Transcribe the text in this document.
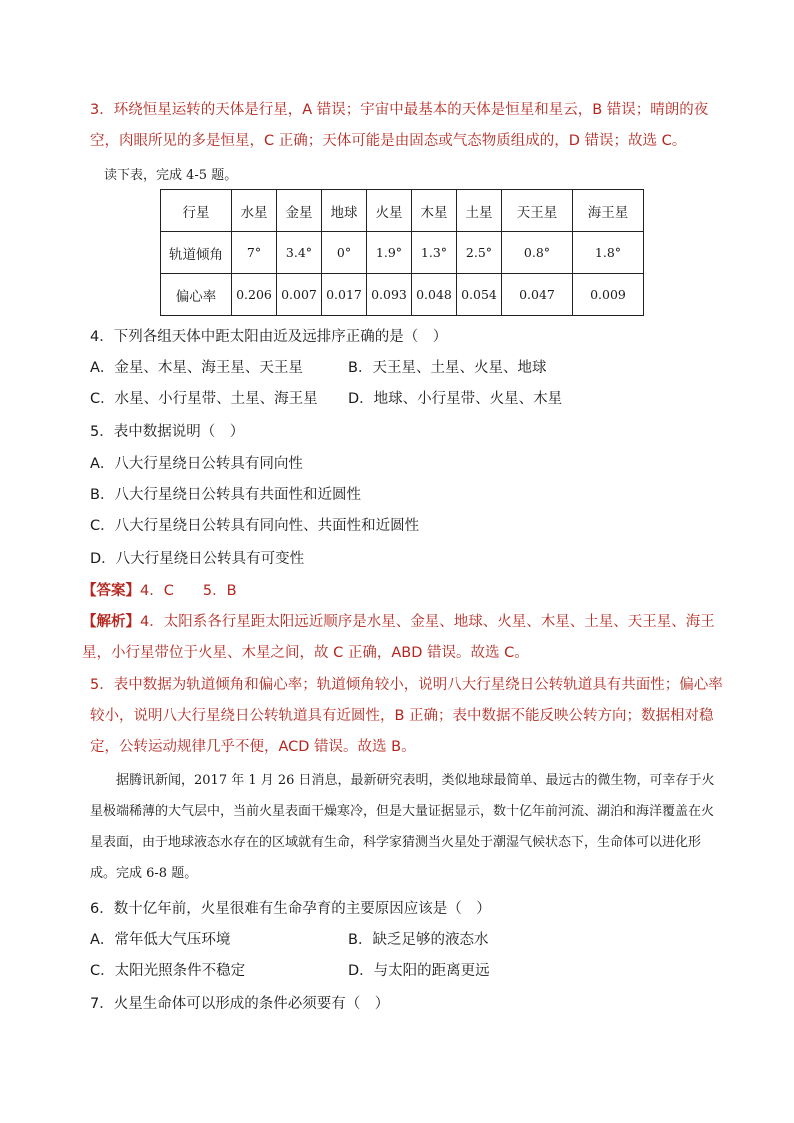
3．环绕恒星运转的天体是行星，A 错误；宇宙中最基本的天体是恒星和星云，B 错误；晴朗的夜空，肉眼所见的多是恒星，C 正确；天体可能是由固态或气态物质组成的，D 错误；故选 C。
读下表，完成 4-5 题。
行星	水星	金星	地球	火星	木星	土星	天王星	海王星
轨道倾角	7°	3.4°	0°	1.9°	1.3°	2.5°	0.8°	1.8°
偏心率	0.206	0.007	0.017	0.093	0.048	0.054	0.047	0.009
4．下列各组天体中距太阳由近及远排序正确的是（　）
A．金星、木星、海王星、天王星	B．天王星、土星、火星、地球
C．水星、小行星带、土星、海王星 D．地球、小行星带、火星、木星
5．表中数据说明（　）
A．八大行星绕日公转具有同向性
B．八大行星绕日公转具有共面性和近圆性
C．八大行星绕日公转具有同向性、共面性和近圆性
D．八大行星绕日公转具有可变性
【答案】4．C　　5．B
【解析】4．太阳系各行星距太阳远近顺序是水星、金星、地球、火星、木星、土星、天王星、海王星，小行星带位于火星、木星之间，故 C 正确，ABD 错误。故选 C。
5．表中数据为轨道倾角和偏心率；轨道倾角较小，说明八大行星绕日公转轨道具有共面性；偏心率较小，说明八大行星绕日公转轨道具有近圆性，B 正确；表中数据不能反映公转方向；数据相对稳定，公转运动规律几乎不便，ACD 错误。故选 B。
据腾讯新闻，2017 年 1 月 26 日消息，最新研究表明，类似地球最简单、最远古的微生物，可幸存于火星极端稀薄的大气层中，当前火星表面干燥寒冷，但是大量证据显示，数十亿年前河流、湖泊和海洋覆盖在火星表面，由于地球液态水存在的区域就有生命，科学家猜测当火星处于潮湿气候状态下，生命体可以进化形成。完成 6-8 题。
6．数十亿年前，火星很难有生命孕育的主要原因应该是（　）
A．常年低大气压环境	B．缺乏足够的液态水
C．太阳光照条件不稳定	D．与太阳的距离更远
7．火星生命体可以形成的条件必须要有（　）
